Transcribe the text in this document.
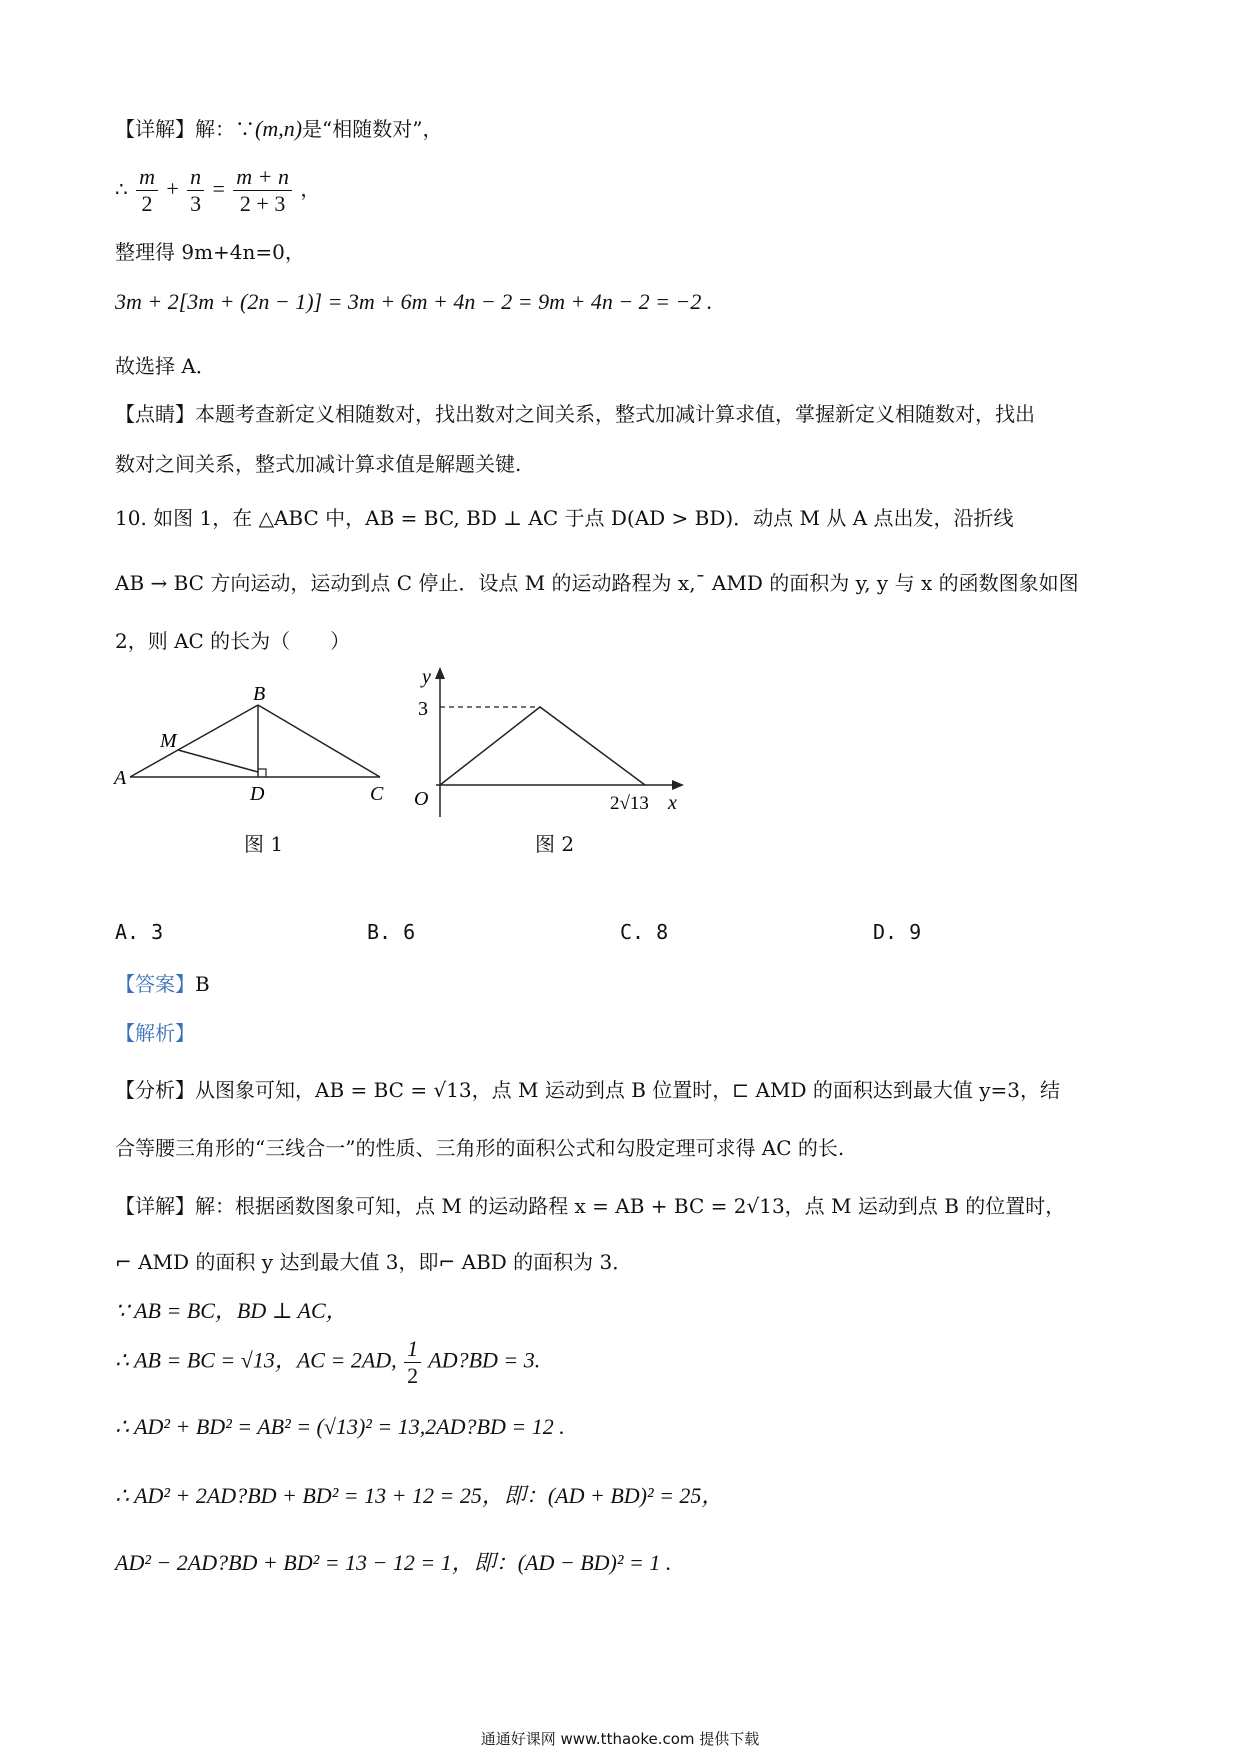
【详解】解：∵(m,n)是“相随数对”，
∴ $\frac{m}{2} + \frac{n}{3} = \frac{m + n}{2 + 3}$ ，
整理得 9m+4n=0，
3m + 2[3m + (2n − 1)] = 3m + 6m + 4n − 2 = 9m + 4n − 2 = −2 .
故选择 A．
【点睛】本题考查新定义相随数对，找出数对之间关系，整式加减计算求值，掌握新定义相随数对，找出
数对之间关系，整式加减计算求值是解题关键.
10. 如图 1，在 △ABC 中，AB = BC, BD ⊥ AC 于点 D(AD > BD)．动点 M 从 A 点出发，沿折线
AB → BC 方向运动，运动到点 C 停止．设点 M 的运动路程为 x,¯ AMD 的面积为 y, y 与 x 的函数图象如图
2，则 AC 的长为（　　）
A
B
C
D
M
图 1
y
x
O
3
2√13
图 2
A. 3	B. 6	C. 8	D. 9
【答案】B
【解析】
【分析】从图象可知，AB = BC = √13，点 M 运动到点 B 位置时，⊏ AMD 的面积达到最大值 y=3，结
合等腰三角形的“三线合一”的性质、三角形的面积公式和勾股定理可求得 AC 的长.
【详解】解：根据函数图象可知，点 M 的运动路程 x = AB + BC = 2√13，点 M 运动到点 B 的位置时，
⌐ AMD 的面积 y 达到最大值 3，即⌐ ABD 的面积为 3．
∵ AB = BC，BD ⊥ AC，
∴ AB = BC = √13，AC = 2AD, $\frac{1}{2}$ AD?BD = 3.
∴ AD² + BD² = AB² = (√13)² = 13,2AD?BD = 12 .
∴ AD² + 2AD?BD + BD² = 13 + 12 = 25，即：(AD + BD)² = 25，
AD² − 2AD?BD + BD² = 13 − 12 = 1，即：(AD − BD)² = 1 .
通通好课网 www.tthaoke.com 提供下载
